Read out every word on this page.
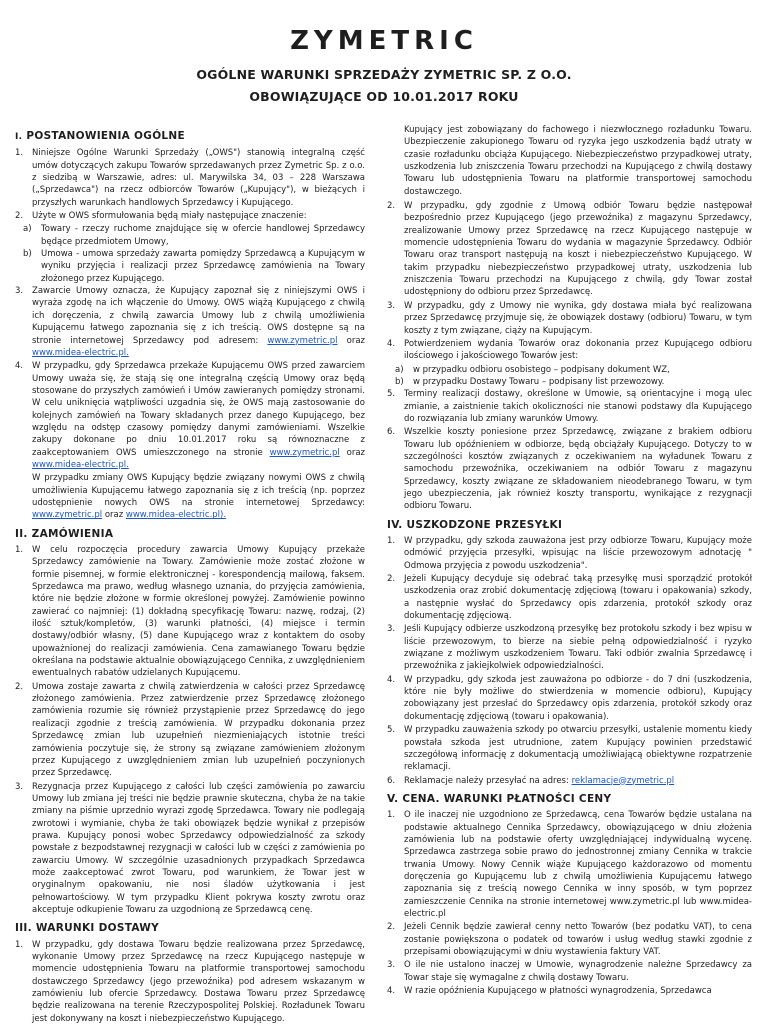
ZYMETRIC
OGÓLNE WARUNKI SPRZEDAŻY ZYMETRIC SP. Z O.O.
OBOWIĄZUJĄCE OD 10.01.2017 ROKU
I. POSTANOWIENIA OGÓLNE
1. Niniejsze Ogólne Warunki Sprzedaży („OWS") stanowią integralną część umów dotyczących zakupu Towarów sprzedawanych przez Zymetric Sp. z o.o. z siedzibą w Warszawie, adres: ul. Marywilska 34, 03 – 228 Warszawa („Sprzedawca") na rzecz odbiorców Towarów („Kupujący"), w bieżących i przyszłych warunkach handlowych Sprzedawcy i Kupującego.
2. Użyte w OWS sformułowania będą miały następujące znaczenie:
a) Towary - rzeczy ruchome znajdujące się w ofercie handlowej Sprzedawcy będące przedmiotem Umowy,
b) Umowa - umowa sprzedaży zawarta pomiędzy Sprzedawcą a Kupującym w wyniku przyjęcia i realizacji przez Sprzedawcę zamówienia na Towary złożonego przez Kupującego.
3. Zawarcie Umowy oznacza, że Kupujący zapoznał się z niniejszymi OWS i wyraża zgodę na ich włączenie do Umowy. OWS wiążą Kupującego z chwilą ich doręczenia, z chwilą zawarcia Umowy lub z chwilą umożliwienia Kupującemu łatwego zapoznania się z ich treścią. OWS dostępne są na stronie internetowej Sprzedawcy pod adresem: www.zymetric.pl oraz www.midea-electric.pl.
4. W przypadku, gdy Sprzedawca przekaże Kupującemu OWS przed zawarciem Umowy uważa się, że stają się one integralną częścią Umowy oraz będą stosowane do przyszłych zamówień i Umów zawieranych pomiędzy stronami. W celu uniknięcia wątpliwości uzgadnia się, że OWS mają zastosowanie do kolejnych zamówień na Towary składanych przez danego Kupującego, bez względu na odstęp czasowy pomiędzy danymi zamówieniami. Wszelkie zakupy dokonane po dniu 10.01.2017 roku są równoznaczne z zaakceptowaniem OWS umieszczonego na stronie www.zymetric.pl oraz www.midea-electric.pl.
W przypadku zmiany OWS Kupujący będzie związany nowymi OWS z chwilą umożliwienia Kupującemu łatwego zapoznania się z ich treścią (np. poprzez udostępnienie nowych OWS na stronie internetowej Sprzedawcy: www.zymetric.pl oraz www.midea-electric.pl).
II. ZAMÓWIENIA
1. W celu rozpoczęcia procedury zawarcia Umowy Kupujący przekaże Sprzedawcy zamówienie na Towary. Zamówienie może zostać złożone w formie pisemnej, w formie elektronicznej - korespondencją mailową, faksem. Sprzedawca ma prawo, według własnego uznania, do przyjęcia zamówienia, które nie będzie złożone w formie określonej powyżej. Zamówienie powinno zawierać co najmniej: (1) dokładną specyfikację Towaru: nazwę, rodzaj, (2) ilość sztuk/kompletów, (3) warunki płatności, (4) miejsce i termin dostawy/odbiór własny, (5) dane Kupującego wraz z kontaktem do osoby upoważnionej do realizacji zamówienia. Cena zamawianego Towaru będzie określana na podstawie aktualnie obowiązującego Cennika, z uwzględnieniem ewentualnych rabatów udzielanych Kupującemu.
2. Umowa zostaje zawarta z chwilą zatwierdzenia w całości przez Sprzedawcę złożonego zamówienia. Przez zatwierdzenie przez Sprzedawcę złożonego zamówienia rozumie się również przystąpienie przez Sprzedawcę do jego realizacji zgodnie z treścią zamówienia. W przypadku dokonania przez Sprzedawcę zmian lub uzupełnień niezmieniających istotnie treści zamówienia poczytuje się, że strony są związane zamówieniem złożonym przez Kupującego z uwzględnieniem zmian lub uzupełnień poczynionych przez Sprzedawcę.
3. Rezygnacja przez Kupującego z całości lub części zamówienia po zawarciu Umowy lub zmiana jej treści nie będzie prawnie skuteczna, chyba że na takie zmiany na piśmie uprzednio wyrazi zgodę Sprzedawca. Towary nie podlegają zwrotowi i wymianie, chyba że taki obowiązek będzie wynikał z przepisów prawa. Kupujący ponosi wobec Sprzedawcy odpowiedzialność za szkody powstałe z bezpodstawnej rezygnacji w całości lub w części z zamówienia po zawarciu Umowy. W szczególnie uzasadnionych przypadkach Sprzedawca może zaakceptować zwrot Towaru, pod warunkiem, że Towar jest w oryginalnym opakowaniu, nie nosi śladów użytkowania i jest pełnowartościowy. W tym przypadku Klient pokrywa koszty zwrotu oraz akceptuje odkupienie Towaru za uzgodnioną ze Sprzedawcą cenę.
III. WARUNKI DOSTAWY
1. W przypadku, gdy dostawa Towaru będzie realizowana przez Sprzedawcę, wykonanie Umowy przez Sprzedawcę na rzecz Kupującego następuje w momencie udostępnienia Towaru na platformie transportowej samochodu dostawczego Sprzedawcy (jego przewoźnika) pod adresem wskazanym w zamówieniu lub ofercie Sprzedawcy. Dostawa Towaru przez Sprzedawcę będzie realizowana na terenie Rzeczypospolitej Polskiej. Rozładunek Towaru jest dokonywany na koszt i niebezpieczeństwo Kupującego.
Kupujący jest zobowiązany do fachowego i niezwłocznego rozładunku Towaru. Ubezpieczenie zakupionego Towaru od ryzyka jego uszkodzenia bądź utraty w czasie rozładunku obciąża Kupującego. Niebezpieczeństwo przypadkowej utraty, uszkodzenia lub zniszczenia Towaru przechodzi na Kupującego z chwilą dostawy Towaru lub udostępnienia Towaru na platformie transportowej samochodu dostawczego.
2. W przypadku, gdy zgodnie z Umową odbiór Towaru będzie następował bezpośrednio przez Kupującego (jego przewoźnika) z magazynu Sprzedawcy, zrealizowanie Umowy przez Sprzedawcę na rzecz Kupującego następuje w momencie udostępnienia Towaru do wydania w magazynie Sprzedawcy. Odbiór Towaru oraz transport następują na koszt i niebezpieczeństwo Kupującego. W takim przypadku niebezpieczeństwo przypadkowej utraty, uszkodzenia lub zniszczenia Towaru przechodzi na Kupującego z chwilą, gdy Towar został udostępniony do odbioru przez Sprzedawcę.
3. W przypadku, gdy z Umowy nie wynika, gdy dostawa miała być realizowana przez Sprzedawcę przyjmuje się, że obowiązek dostawy (odbioru) Towaru, w tym koszty z tym związane, ciąży na Kupującym.
4. Potwierdzeniem wydania Towarów oraz dokonania przez Kupującego odbioru ilościowego i jakościowego Towarów jest:
a) w przypadku odbioru osobistego – podpisany dokument WZ,
b) w przypadku Dostawy Towaru – podpisany list przewozowy.
5. Terminy realizacji dostawy, określone w Umowie, są orientacyjne i mogą ulec zmianie, a zaistnienie takich okoliczności nie stanowi podstawy dla Kupującego do rozwiązania lub zmiany warunków Umowy.
6. Wszelkie koszty poniesione przez Sprzedawcę, związane z brakiem odbioru Towaru lub opóźnieniem w odbiorze, będą obciążały Kupującego. Dotyczy to w szczególności kosztów związanych z oczekiwaniem na wyładunek Towaru z samochodu przewoźnika, oczekiwaniem na odbiór Towaru z magazynu Sprzedawcy, koszty związane ze składowaniem nieodebranego Towaru, w tym jego ubezpieczenia, jak również koszty transportu, wynikające z rezygnacji odbioru Towaru.
IV. USZKODZONE PRZESYŁKI
1. W przypadku, gdy szkoda zauważona jest przy odbiorze Towaru, Kupujący może odmówić przyjęcia przesyłki, wpisując na liście przewozowym adnotację " Odmowa przyjęcia z powodu uszkodzenia".
2. Jeżeli Kupujący decyduje się odebrać taką przesyłkę musi sporządzić protokół uszkodzenia oraz zrobić dokumentację zdjęciową (towaru i opakowania) szkody, a następnie wysłać do Sprzedawcy opis zdarzenia, protokół szkody oraz dokumentację zdjęciową.
3. Jeśli Kupujący odbierze uszkodzoną przesyłkę bez protokołu szkody i bez wpisu w liście przewozowym, to bierze na siebie pełną odpowiedzialność i ryzyko związane z możliwym uszkodzeniem Towaru. Taki odbiór zwalnia Sprzedawcę i przewoźnika z jakiejkolwiek odpowiedzialności.
4. W przypadku, gdy szkoda jest zauważona po odbiorze - do 7 dni (uszkodzenia, które nie były możliwe do stwierdzenia w momencie odbioru), Kupujący zobowiązany jest przesłać do Sprzedawcy opis zdarzenia, protokół szkody oraz dokumentację zdjęciową (towaru i opakowania).
5. W przypadku zauważenia szkody po otwarciu przesyłki, ustalenie momentu kiedy powstała szkoda jest utrudnione, zatem Kupujący powinien przedstawić szczegółową informację z dokumentacją umożliwiającą obiektywne rozpatrzenie reklamacji.
6. Reklamacje należy przesyłać na adres: reklamacje@zymetric.pl
V. CENA. WARUNKI PŁATNOŚCI CENY
1. O ile inaczej nie uzgodniono ze Sprzedawcą, cena Towarów będzie ustalana na podstawie aktualnego Cennika Sprzedawcy, obowiązującego w dniu złożenia zamówienia lub na podstawie oferty uwzględniającej indywidualną wycenę. Sprzedawca zastrzega sobie prawo do jednostronnej zmiany Cennika w trakcie trwania Umowy. Nowy Cennik wiąże Kupującego każdorazowo od momentu doręczenia go Kupującemu lub z chwilą umożliwienia Kupującemu łatwego zapoznania się z treścią nowego Cennika w inny sposób, w tym poprzez zamieszczenie Cennika na stronie internetowej www.zymetric.pl lub www.midea-electric.pl
2. Jeżeli Cennik będzie zawierał cenny netto Towarów (bez podatku VAT), to cena zostanie powiększona o podatek od towarów i usług według stawki zgodnie z przepisami obowiązującymi w dniu wystawienia faktury VAT.
3. O ile nie ustalono inaczej w Umowie, wynagrodzenie należne Sprzedawcy za Towar staje się wymagalne z chwilą dostawy Towaru.
4. W razie opóźnienia Kupującego w płatności wynagrodzenia, Sprzedawca
